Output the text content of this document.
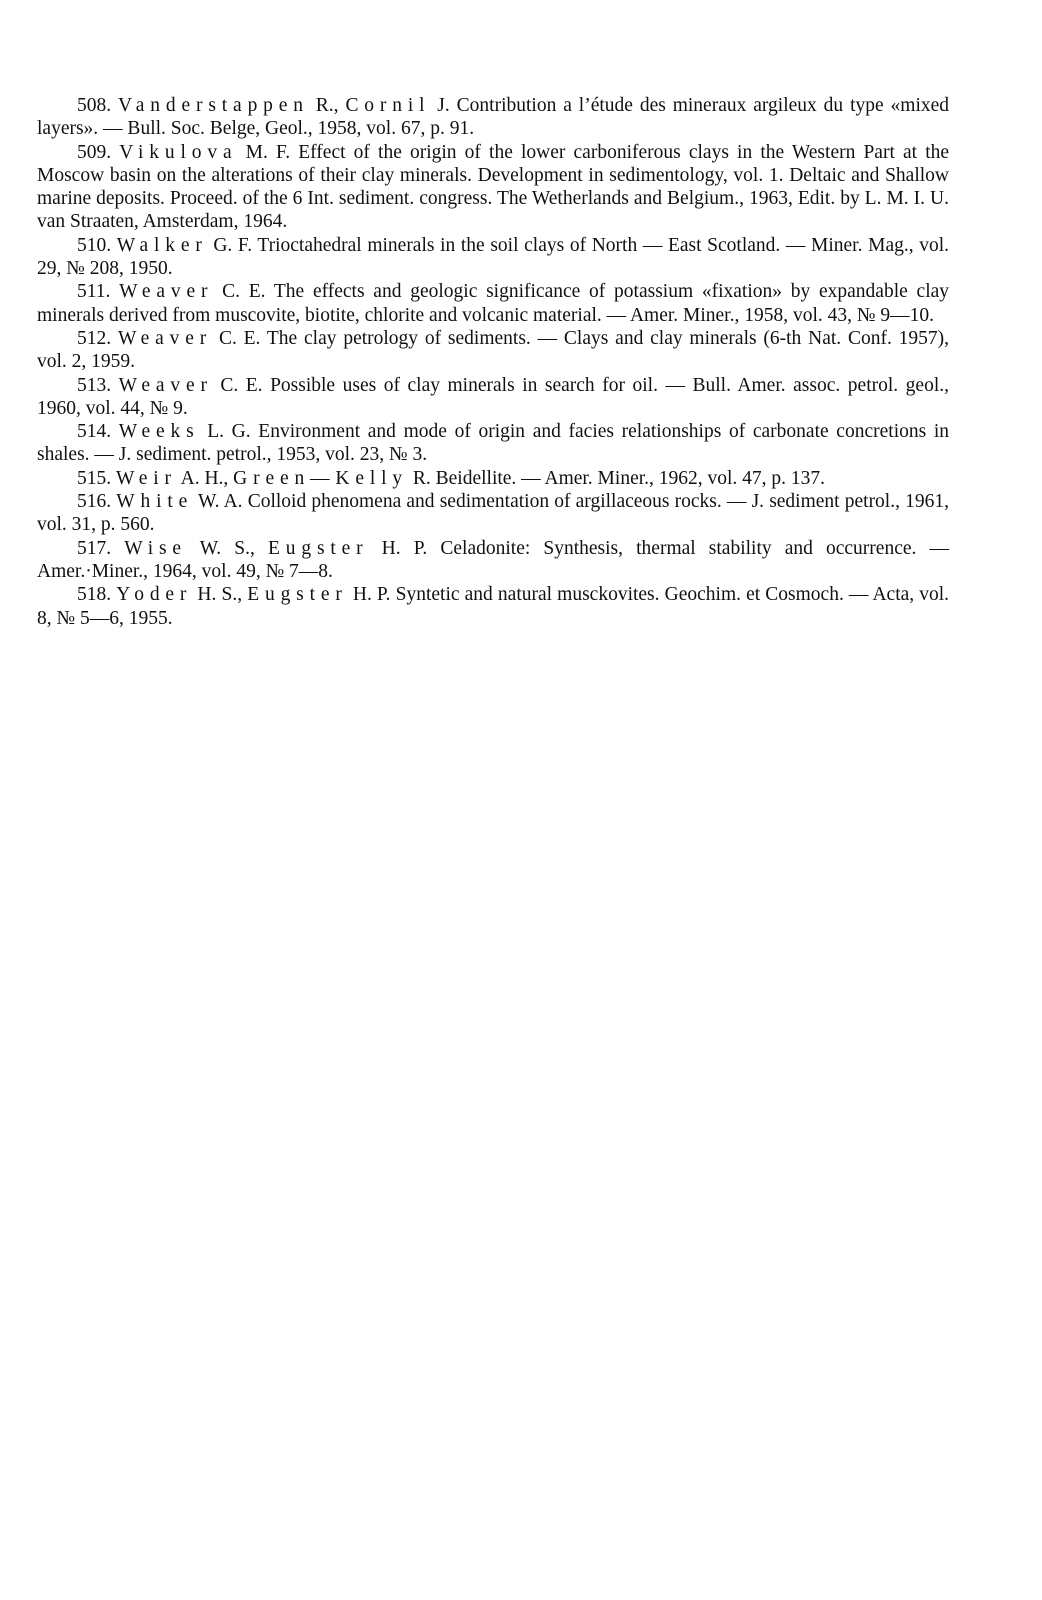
508. Vanderstappen R., Cornil J. Contribution a l’étude des mineraux argileux du type «mixed layers». — Bull. Soc. Belge, Geol., 1958, vol. 67, p. 91.

509. Vikulova M. F. Effect of the origin of the lower carboniferous clays in the Western Part at the Moscow basin on the alterations of their clay minerals. Development in sedimentology, vol. 1. Deltaic and Shallow marine deposits. Proceed. of the 6 Int. sediment. congress. The Wetherlands and Belgium., 1963, Edit. by L. M. I. U. van Straaten, Amsterdam, 1964.

510. Walker G. F. Trioctahedral minerals in the soil clays of North — East Scotland. — Miner. Mag., vol. 29, № 208, 1950.

511. Weaver C. E. The effects and geologic significance of potassium «fixation» by expandable clay minerals derived from muscovite, biotite, chlorite and volcanic material. — Amer. Miner., 1958, vol. 43, № 9—10.

512. Weaver C. E. The clay petrology of sediments. — Clays and clay minerals (6-th Nat. Conf. 1957), vol. 2, 1959.

513. Weaver C. E. Possible uses of clay minerals in search for oil. — Bull. Amer. assoc. petrol. geol., 1960, vol. 44, № 9.

514. Weeks L. G. Environment and mode of origin and facies relationships of carbonate concretions in shales. — J. sediment. petrol., 1953, vol. 23, № 3.

515. Weir A. H., Green—Kelly R. Beidellite. — Amer. Miner., 1962, vol. 47, p. 137.

516. White W. A. Colloid phenomena and sedimentation of argillaceous rocks. — J. sediment petrol., 1961, vol. 31, p. 560.

517. Wise W. S., Eugster H. P. Celadonite: Synthesis, thermal stability and occurrence. — Amer.·Miner., 1964, vol. 49, № 7—8.

518. Yoder H. S., Eugster H. P. Syntetic and natural musckovites. Geochim. et Cosmoch. — Acta, vol. 8, № 5—6, 1955.
